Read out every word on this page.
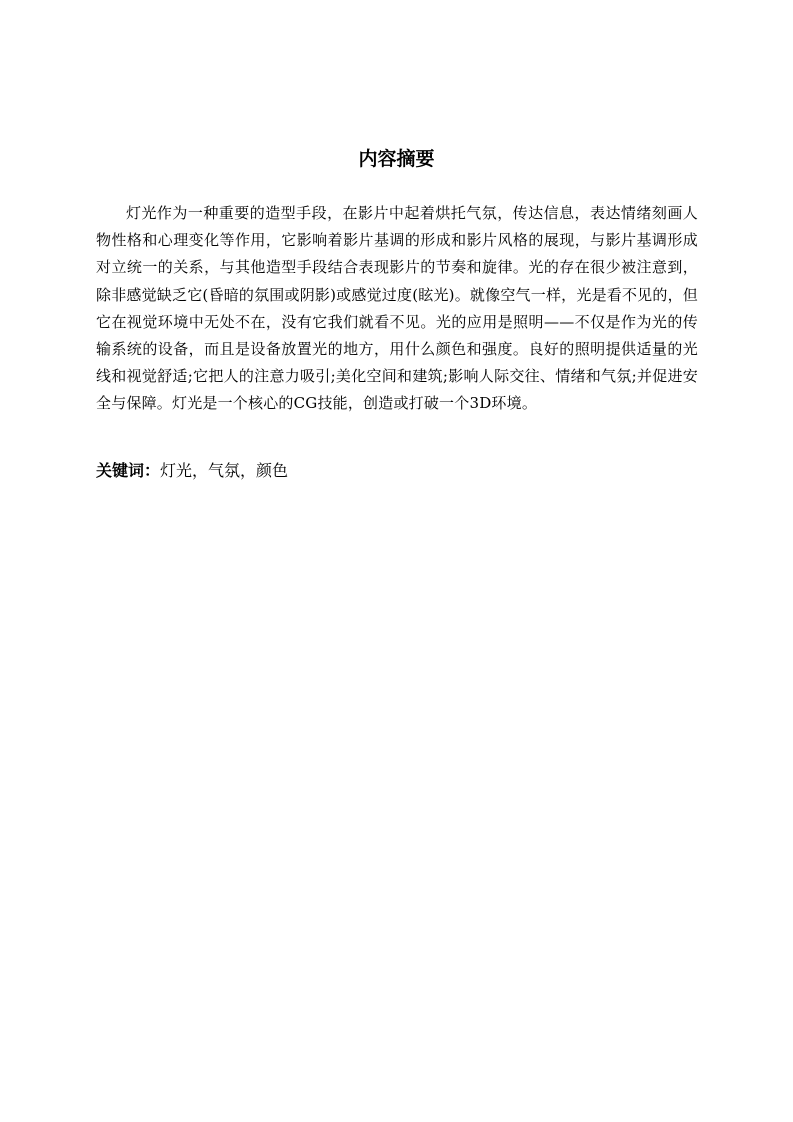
内容摘要

灯光作为一种重要的造型手段，在影片中起着烘托气氛，传达信息，表达情绪刻画人物性格和心理变化等作用，它影响着影片基调的形成和影片风格的展现，与影片基调形成对立统一的关系，与其他造型手段结合表现影片的节奏和旋律。光的存在很少被注意到，除非感觉缺乏它(昏暗的氛围或阴影)或感觉过度(眩光)。就像空气一样，光是看不见的，但它在视觉环境中无处不在，没有它我们就看不见。光的应用是照明——不仅是作为光的传输系统的设备，而且是设备放置光的地方，用什么颜色和强度。良好的照明提供适量的光线和视觉舒适;它把人的注意力吸引;美化空间和建筑;影响人际交往、情绪和气氛;并促进安全与保障。灯光是一个核心的CG技能，创造或打破一个3D环境。

关键词：灯光，气氛，颜色
